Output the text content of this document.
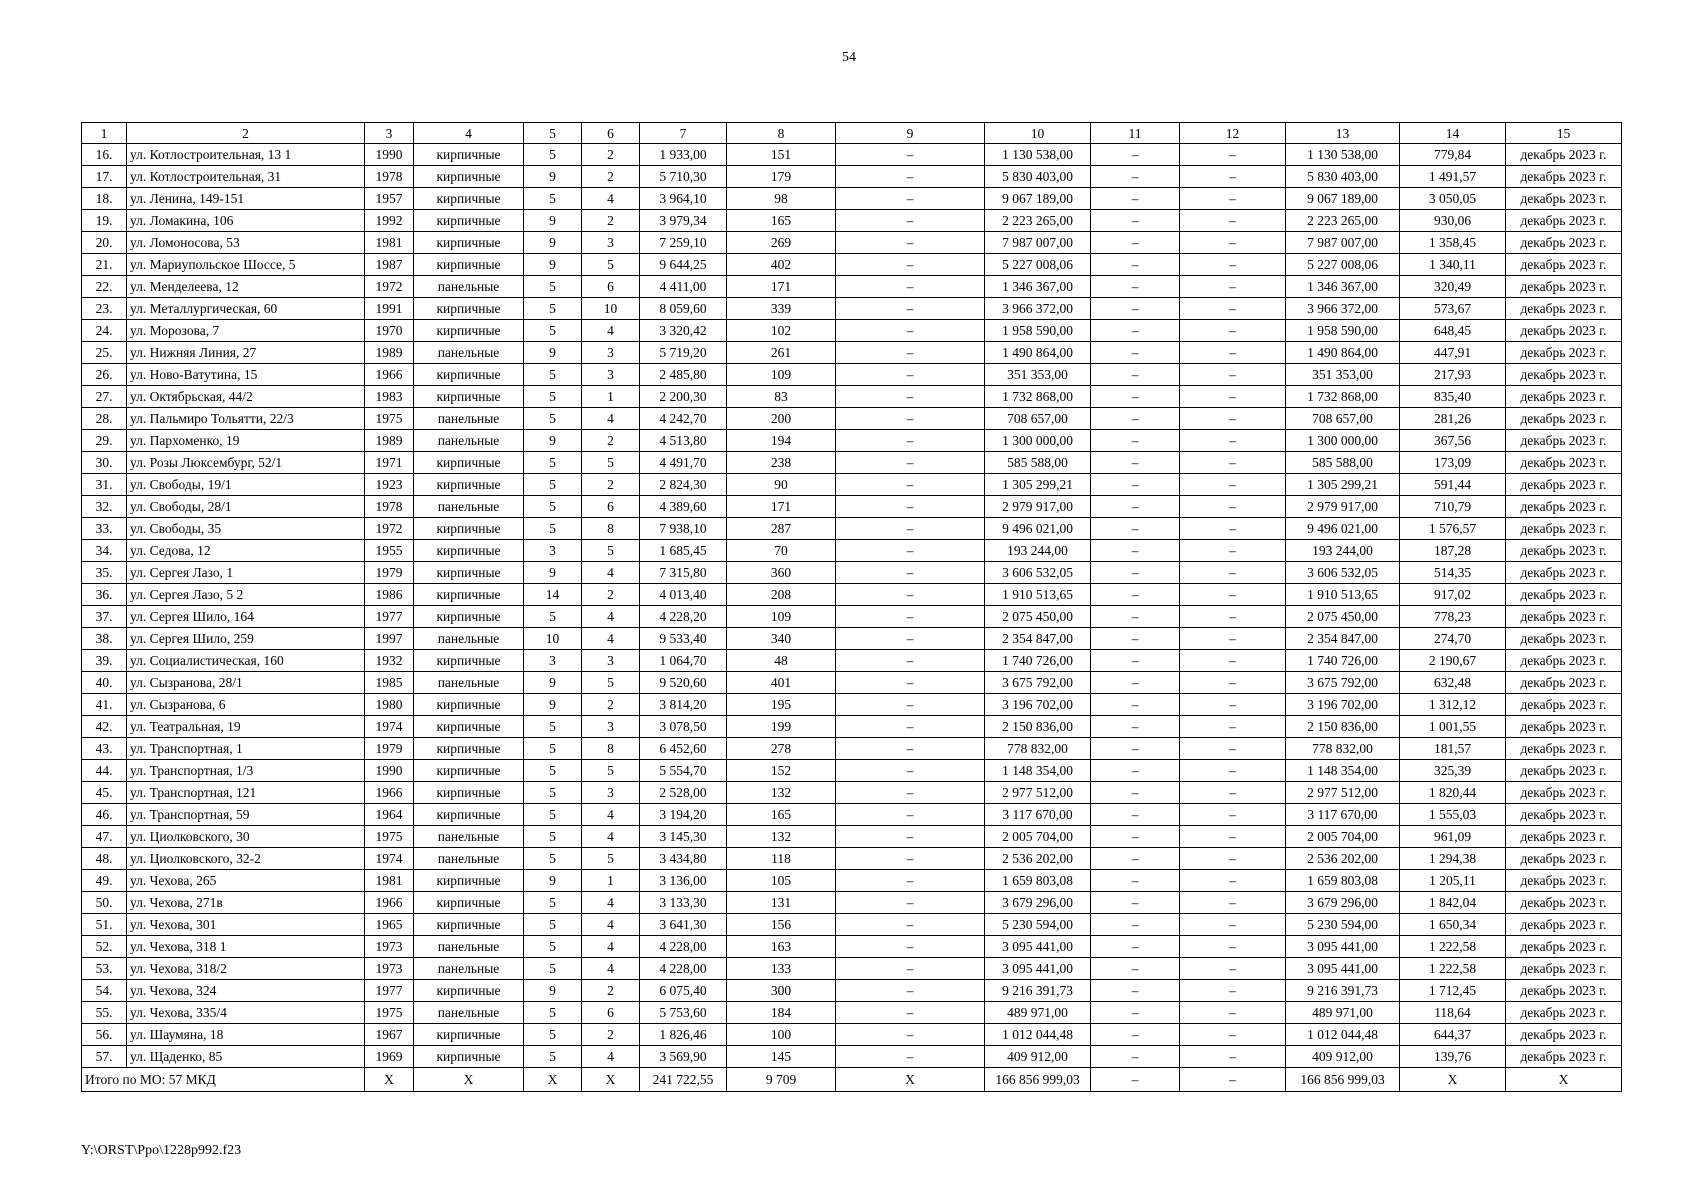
54
1	2	3	4	5	6	7	8	9	10	11	12	13	14	15
16.	ул. Котлостроительная, 13 1	1990	кирпичные	5	2	1 933,00	151	–	1 130 538,00	–	–	1 130 538,00	779,84	декабрь 2023 г.
17.	ул. Котлостроительная, 31	1978	кирпичные	9	2	5 710,30	179	–	5 830 403,00	–	–	5 830 403,00	1 491,57	декабрь 2023 г.
18.	ул. Ленина, 149-151	1957	кирпичные	5	4	3 964,10	98	–	9 067 189,00	–	–	9 067 189,00	3 050,05	декабрь 2023 г.
19.	ул. Ломакина, 106	1992	кирпичные	9	2	3 979,34	165	–	2 223 265,00	–	–	2 223 265,00	930,06	декабрь 2023 г.
20.	ул. Ломоносова, 53	1981	кирпичные	9	3	7 259,10	269	–	7 987 007,00	–	–	7 987 007,00	1 358,45	декабрь 2023 г.
21.	ул. Мариупольское Шоссе, 5	1987	кирпичные	9	5	9 644,25	402	–	5 227 008,06	–	–	5 227 008,06	1 340,11	декабрь 2023 г.
22.	ул. Менделеева, 12	1972	панельные	5	6	4 411,00	171	–	1 346 367,00	–	–	1 346 367,00	320,49	декабрь 2023 г.
23.	ул. Металлургическая, 60	1991	кирпичные	5	10	8 059,60	339	–	3 966 372,00	–	–	3 966 372,00	573,67	декабрь 2023 г.
24.	ул. Морозова, 7	1970	кирпичные	5	4	3 320,42	102	–	1 958 590,00	–	–	1 958 590,00	648,45	декабрь 2023 г.
25.	ул. Нижняя Линия, 27	1989	панельные	9	3	5 719,20	261	–	1 490 864,00	–	–	1 490 864,00	447,91	декабрь 2023 г.
26.	ул. Ново-Ватутина, 15	1966	кирпичные	5	3	2 485,80	109	–	351 353,00	–	–	351 353,00	217,93	декабрь 2023 г.
27.	ул. Октябрьская, 44/2	1983	кирпичные	5	1	2 200,30	83	–	1 732 868,00	–	–	1 732 868,00	835,40	декабрь 2023 г.
28.	ул. Пальмиро Тольятти, 22/3	1975	панельные	5	4	4 242,70	200	–	708 657,00	–	–	708 657,00	281,26	декабрь 2023 г.
29.	ул. Пархоменко, 19	1989	панельные	9	2	4 513,80	194	–	1 300 000,00	–	–	1 300 000,00	367,56	декабрь 2023 г.
30.	ул. Розы Люксембург, 52/1	1971	кирпичные	5	5	4 491,70	238	–	585 588,00	–	–	585 588,00	173,09	декабрь 2023 г.
31.	ул. Свободы, 19/1	1923	кирпичные	5	2	2 824,30	90	–	1 305 299,21	–	–	1 305 299,21	591,44	декабрь 2023 г.
32.	ул. Свободы, 28/1	1978	панельные	5	6	4 389,60	171	–	2 979 917,00	–	–	2 979 917,00	710,79	декабрь 2023 г.
33.	ул. Свободы, 35	1972	кирпичные	5	8	7 938,10	287	–	9 496 021,00	–	–	9 496 021,00	1 576,57	декабрь 2023 г.
34.	ул. Седова, 12	1955	кирпичные	3	5	1 685,45	70	–	193 244,00	–	–	193 244,00	187,28	декабрь 2023 г.
35.	ул. Сергея Лазо, 1	1979	кирпичные	9	4	7 315,80	360	–	3 606 532,05	–	–	3 606 532,05	514,35	декабрь 2023 г.
36.	ул. Сергея Лазо, 5 2	1986	кирпичные	14	2	4 013,40	208	–	1 910 513,65	–	–	1 910 513,65	917,02	декабрь 2023 г.
37.	ул. Сергея Шило, 164	1977	кирпичные	5	4	4 228,20	109	–	2 075 450,00	–	–	2 075 450,00	778,23	декабрь 2023 г.
38.	ул. Сергея Шило, 259	1997	панельные	10	4	9 533,40	340	–	2 354 847,00	–	–	2 354 847,00	274,70	декабрь 2023 г.
39.	ул. Социалистическая, 160	1932	кирпичные	3	3	1 064,70	48	–	1 740 726,00	–	–	1 740 726,00	2 190,67	декабрь 2023 г.
40.	ул. Сызранова, 28/1	1985	панельные	9	5	9 520,60	401	–	3 675 792,00	–	–	3 675 792,00	632,48	декабрь 2023 г.
41.	ул. Сызранова, 6	1980	кирпичные	9	2	3 814,20	195	–	3 196 702,00	–	–	3 196 702,00	1 312,12	декабрь 2023 г.
42.	ул. Театральная, 19	1974	кирпичные	5	3	3 078,50	199	–	2 150 836,00	–	–	2 150 836,00	1 001,55	декабрь 2023 г.
43.	ул. Транспортная, 1	1979	кирпичные	5	8	6 452,60	278	–	778 832,00	–	–	778 832,00	181,57	декабрь 2023 г.
44.	ул. Транспортная, 1/3	1990	кирпичные	5	5	5 554,70	152	–	1 148 354,00	–	–	1 148 354,00	325,39	декабрь 2023 г.
45.	ул. Транспортная, 121	1966	кирпичные	5	3	2 528,00	132	–	2 977 512,00	–	–	2 977 512,00	1 820,44	декабрь 2023 г.
46.	ул. Транспортная, 59	1964	кирпичные	5	4	3 194,20	165	–	3 117 670,00	–	–	3 117 670,00	1 555,03	декабрь 2023 г.
47.	ул. Циолковского, 30	1975	панельные	5	4	3 145,30	132	–	2 005 704,00	–	–	2 005 704,00	961,09	декабрь 2023 г.
48.	ул. Циолковского, 32-2	1974	панельные	5	5	3 434,80	118	–	2 536 202,00	–	–	2 536 202,00	1 294,38	декабрь 2023 г.
49.	ул. Чехова, 265	1981	кирпичные	9	1	3 136,00	105	–	1 659 803,08	–	–	1 659 803,08	1 205,11	декабрь 2023 г.
50.	ул. Чехова, 271в	1966	кирпичные	5	4	3 133,30	131	–	3 679 296,00	–	–	3 679 296,00	1 842,04	декабрь 2023 г.
51.	ул. Чехова, 301	1965	кирпичные	5	4	3 641,30	156	–	5 230 594,00	–	–	5 230 594,00	1 650,34	декабрь 2023 г.
52.	ул. Чехова, 318 1	1973	панельные	5	4	4 228,00	163	–	3 095 441,00	–	–	3 095 441,00	1 222,58	декабрь 2023 г.
53.	ул. Чехова, 318/2	1973	панельные	5	4	4 228,00	133	–	3 095 441,00	–	–	3 095 441,00	1 222,58	декабрь 2023 г.
54.	ул. Чехова, 324	1977	кирпичные	9	2	6 075,40	300	–	9 216 391,73	–	–	9 216 391,73	1 712,45	декабрь 2023 г.
55.	ул. Чехова, 335/4	1975	панельные	5	6	5 753,60	184	–	489 971,00	–	–	489 971,00	118,64	декабрь 2023 г.
56.	ул. Шаумяна, 18	1967	кирпичные	5	2	1 826,46	100	–	1 012 044,48	–	–	1 012 044,48	644,37	декабрь 2023 г.
57.	ул. Щаденко, 85	1969	кирпичные	5	4	3 569,90	145	–	409 912,00	–	–	409 912,00	139,76	декабрь 2023 г.
Итого по МО: 57 МКД		X	X	X	X	241 722,55	9 709	X	166 856 999,03	–	–	166 856 999,03	X	X
Y:\ORST\Ppo\1228p992.f23
